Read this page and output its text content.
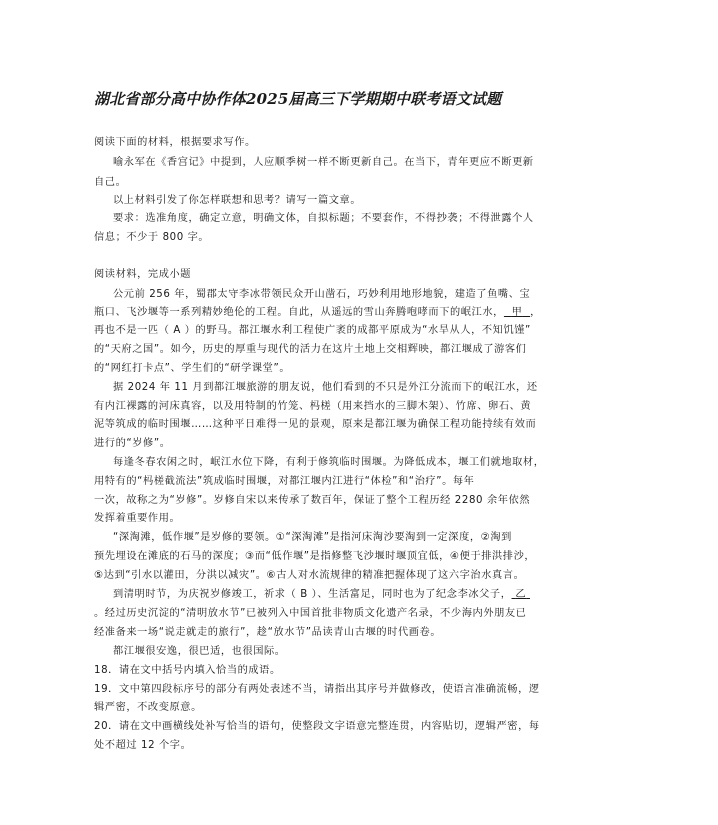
湖北省部分高中协作体2025届高三下学期期中联考语文试题
阅读下面的材料，根据要求写作。
喻永军在《香宫记》中提到，人应顺季树一样不断更新自己。在当下，青年更应不断更新
自己。
以上材料引发了你怎样联想和思考？请写一篇文章。
要求：选准角度，确定立意，明确文体，自拟标题；不要套作，不得抄袭；不得泄露个人
信息；不少于 800 字。
阅读材料，完成小题
公元前 256 年，蜀郡太守李冰带领民众开山凿石，巧妙利用地形地貌，建造了鱼嘴、宝
瓶口、飞沙堰等一系列精妙绝伦的工程。自此，从遥远的雪山奔腾咆哮而下的岷江水， 甲 ，
再也不是一匹（ A ）的野马。都江堰水利工程使广袤的成都平原成为“水旱从人，不知饥馑”
的“天府之国”。如今，历史的厚重与现代的活力在这片土地上交相辉映，都江堰成了游客们
的“网红打卡点”、学生们的“研学课堂”。
据 2024 年 11 月到都江堰旅游的朋友说，他们看到的不只是外江分流而下的岷江水，还
有内江裸露的河床真容，以及用特制的竹笼、杩槎（用来挡水的三脚木架）、竹席、卵石、黄
泥等筑成的临时围堰……这种平日难得一见的景观，原来是都江堰为确保工程功能持续有效而
进行的“岁修”。
每逢冬春农闲之时，岷江水位下降，有利于修筑临时围堰。为降低成本，堰工们就地取材，
用特有的“杩槎截流法”筑成临时围堰，对都江堰内江进行“体检”和“治疗”。每年
一次，故称之为“岁修”。岁修自宋以来传承了数百年，保证了整个工程历经 2280 余年依然
发挥着重要作用。
“深淘滩，低作堰”是岁修的要领。①“深淘滩”是指河床淘沙要淘到一定深度，②淘到
预先埋设在滩底的石马的深度；③而“低作堰”是指修整飞沙堰时堰顶宜低，④便于排洪排沙，
⑤达到“引水以灌田，分洪以减灾”。⑥古人对水流规律的精准把握体现了这六字治水真言。
到清明时节，为庆祝岁修竣工，祈求（ B ）、生活富足，同时也为了纪念李冰父子， 乙
。经过历史沉淀的“清明放水节”已被列入中国首批非物质文化遗产名录，不少海内外朋友已
经准备来一场“说走就走的旅行”，趁“放水节”品读青山古堰的时代画卷。
都江堰很安逸，很巴适，也很国际。
18．请在文中括号内填入恰当的成语。
19．文中第四段标序号的部分有两处表述不当，请指出其序号并做修改，使语言准确流畅，逻
辑严密，不改变原意。
20．请在文中画横线处补写恰当的语句，使整段文字语意完整连贯，内容贴切，逻辑严密，每
处不超过 12 个字。
